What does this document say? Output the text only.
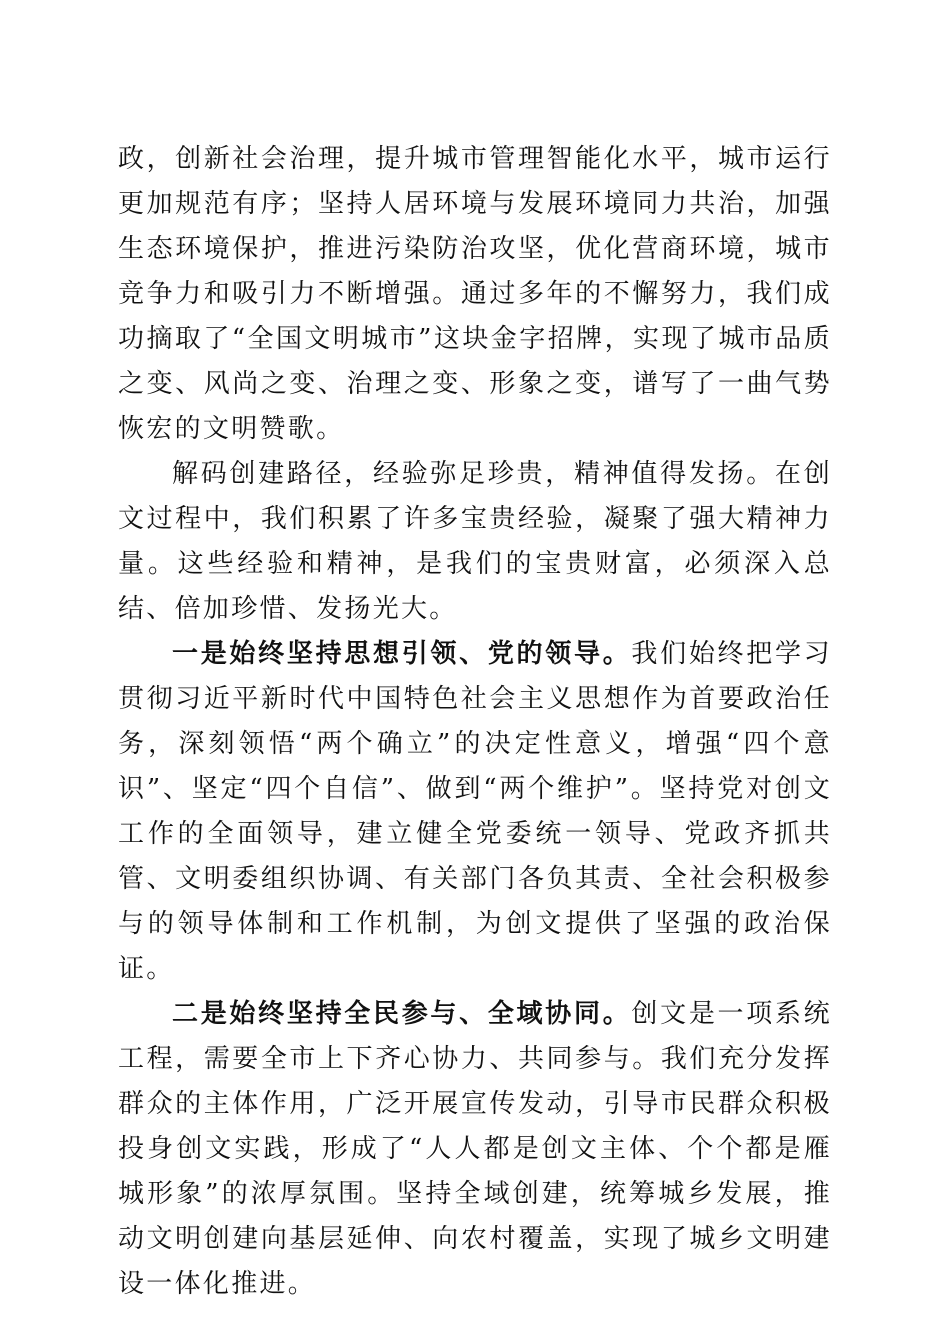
政，创新社会治理，提升城市管理智能化水平，城市运行更加规范有序；坚持人居环境与发展环境同力共治，加强生态环境保护，推进污染防治攻坚，优化营商环境，城市竞争力和吸引力不断增强。通过多年的不懈努力，我们成功摘取了“全国文明城市”这块金字招牌，实现了城市品质之变、风尚之变、治理之变、形象之变，谱写了一曲气势恢宏的文明赞歌。

解码创建路径，经验弥足珍贵，精神值得发扬。在创文过程中，我们积累了许多宝贵经验，凝聚了强大精神力量。这些经验和精神，是我们的宝贵财富，必须深入总结、倍加珍惜、发扬光大。

一是始终坚持思想引领、党的领导。我们始终把学习贯彻习近平新时代中国特色社会主义思想作为首要政治任务，深刻领悟“两个确立”的决定性意义，增强“四个意识”、坚定“四个自信”、做到“两个维护”。坚持党对创文工作的全面领导，建立健全党委统一领导、党政齐抓共管、文明委组织协调、有关部门各负其责、全社会积极参与的领导体制和工作机制，为创文提供了坚强的政治保证。

二是始终坚持全民参与、全域协同。创文是一项系统工程，需要全市上下齐心协力、共同参与。我们充分发挥群众的主体作用，广泛开展宣传发动，引导市民群众积极投身创文实践，形成了“人人都是创文主体、个个都是雁城形象”的浓厚氛围。坚持全域创建，统筹城乡发展，推动文明创建向基层延伸、向农村覆盖，实现了城乡文明建设一体化推进。
